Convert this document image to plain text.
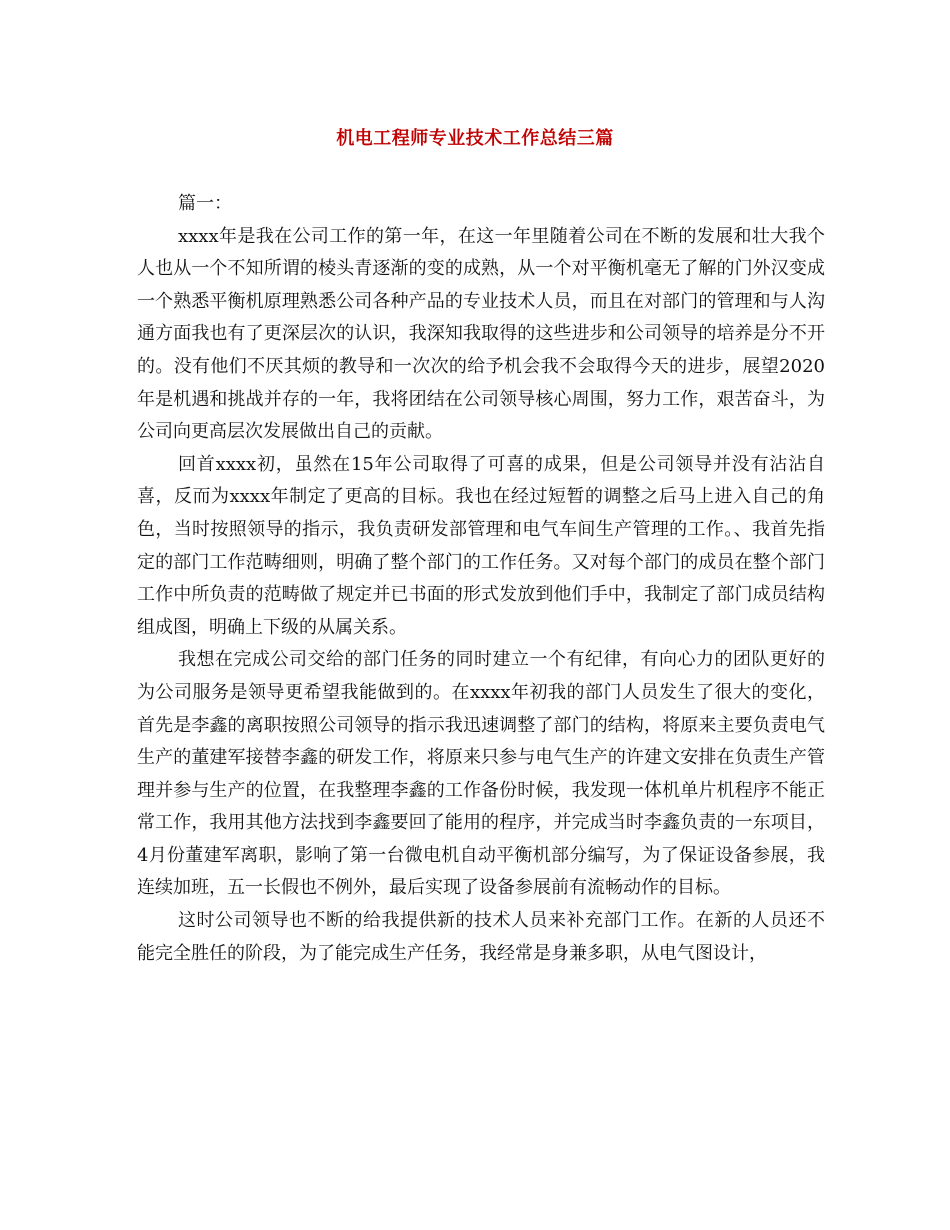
机电工程师专业技术工作总结三篇

篇一：

xxxx年是我在公司工作的第一年，在这一年里随着公司在不断的发展和壮大我个人也从一个不知所谓的棱头青逐渐的变的成熟，从一个对平衡机毫无了解的门外汉变成一个熟悉平衡机原理熟悉公司各种产品的专业技术人员，而且在对部门的管理和与人沟通方面我也有了更深层次的认识，我深知我取得的这些进步和公司领导的培养是分不开的。没有他们不厌其烦的教导和一次次的给予机会我不会取得今天的进步，展望2020年是机遇和挑战并存的一年，我将团结在公司领导核心周围，努力工作，艰苦奋斗，为公司向更高层次发展做出自己的贡献。

回首xxxx初，虽然在15年公司取得了可喜的成果，但是公司领导并没有沾沾自喜，反而为xxxx年制定了更高的目标。我也在经过短暂的调整之后马上进入自己的角色，当时按照领导的指示，我负责研发部管理和电气车间生产管理的工作。、我首先指定的部门工作范畴细则，明确了整个部门的工作任务。又对每个部门的成员在整个部门工作中所负责的范畴做了规定并已书面的形式发放到他们手中，我制定了部门成员结构组成图，明确上下级的从属关系。

我想在完成公司交给的部门任务的同时建立一个有纪律，有向心力的团队更好的为公司服务是领导更希望我能做到的。在xxxx年初我的部门人员发生了很大的变化，首先是李鑫的离职按照公司领导的指示我迅速调整了部门的结构，将原来主要负责电气生产的董建军接替李鑫的研发工作，将原来只参与电气生产的许建文安排在负责生产管理并参与生产的位置，在我整理李鑫的工作备份时候，我发现一体机单片机程序不能正常工作，我用其他方法找到李鑫要回了能用的程序，并完成当时李鑫负责的一东项目，4月份董建军离职，影响了第一台微电机自动平衡机部分编写，为了保证设备参展，我连续加班，五一长假也不例外，最后实现了设备参展前有流畅动作的目标。

这时公司领导也不断的给我提供新的技术人员来补充部门工作。在新的人员还不能完全胜任的阶段，为了能完成生产任务，我经常是身兼多职，从电气图设计，
